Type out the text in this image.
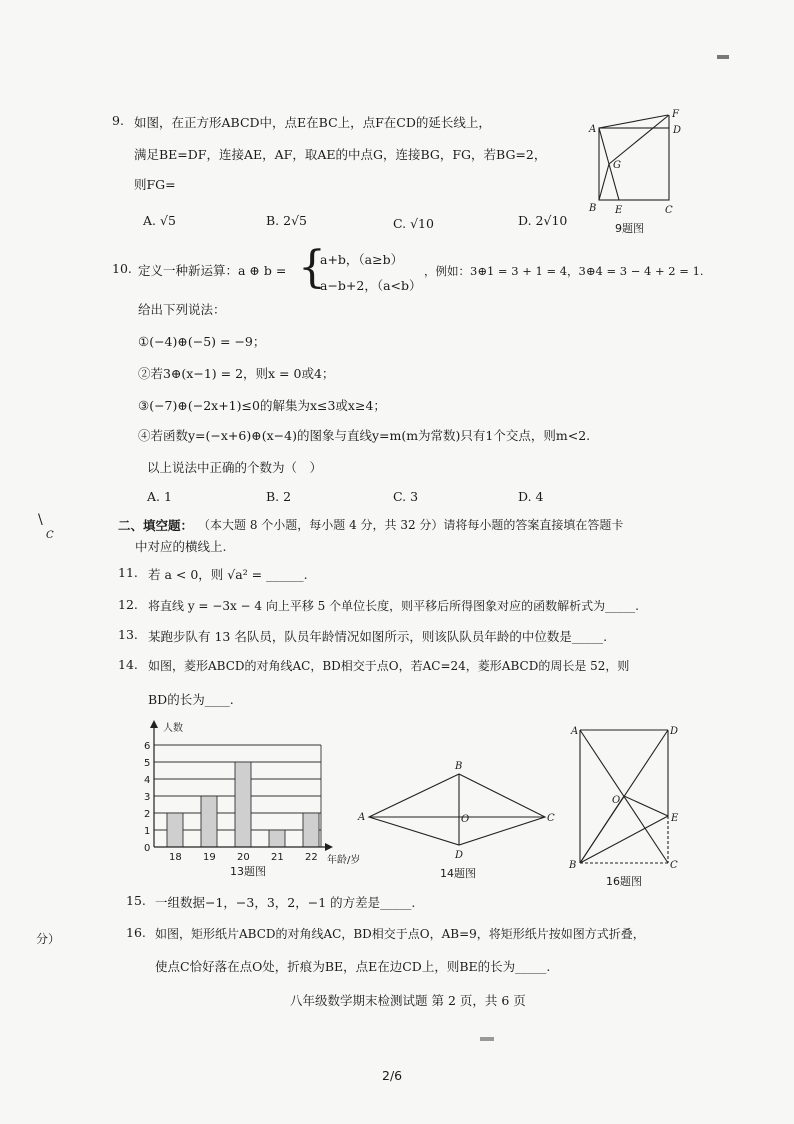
\
C
分）
9. 如图，在正方形ABCD中，点E在BC上，点F在CD的延长线上，
满足BE=DF，连接AE，AF，取AE的中点G，连接BG，FG，若BG=2，
则FG=
A. √5	B. 2√5	C. √10	D. 2√10
A
F
D
G
B E	C
9题图
10. 定义一种新运算：a ⊕ b = {
a+b，（a≥b）
a−b+2，（a<b）
，例如：3⊕1 = 3 + 1 = 4，3⊕4 = 3 − 4 + 2 = 1.
给出下列说法：
①(−4)⊕(−5) = −9；
②若3⊕(x−1) = 2，则x = 0或4；
③(−7)⊕(−2x+1)≤0的解集为x≤3或x≥4；
④若函数y=(−x+6)⊕(x−4)的图象与直线y=m(m为常数)只有1个交点，则m<2.
以上说法中正确的个数为（　）
A. 1	B. 2	C. 3	D. 4
二、填空题： （本大题 8 个小题，每小题 4 分，共 32 分）请将每小题的答案直接填在答题卡
中对应的横线上.
11. 若 a < 0，则 √a² = ______.
12. 将直线 y = −3x − 4 向上平移 5 个单位长度，则平移后所得图象对应的函数解析式为_____.
13. 某跑步队有 13 名队员，队员年龄情况如图所示，则该队队员年龄的中位数是_____.
14. 如图，菱形ABCD的对角线AC，BD相交于点O，若AC=24，菱形ABCD的周长是 52，则
BD的长为____.
0
1
2
3
4
5
6
18 19 20 21 22
人数
年龄/岁
13题图
A
B
C
D
O
14题图
A	D
O
E
B	C
16题图
15. 一组数据−1，−3，3，2，−1 的方差是_____.
16. 如图，矩形纸片ABCD的对角线AC，BD相交于点O，AB=9，将矩形纸片按如图方式折叠，
使点C恰好落在点O处，折痕为BE，点E在边CD上，则BE的长为_____.
八年级数学期末检测试题 第 2 页，共 6 页
2/6
